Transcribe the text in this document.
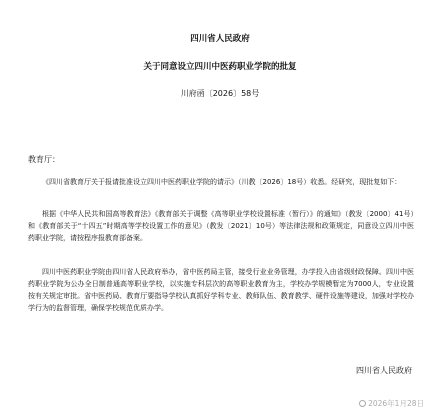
四川省人民政府
关于同意设立四川中医药职业学院的批复
川府函〔2026〕58号
教育厅：

《四川省教育厅关于报请批准设立四川中医药职业学院的请示》（川教〔2026〕18号）收悉。经研究，现批复如下：

根据《中华人民共和国高等教育法》《教育部关于调整《高等职业学校设置标准（暂行）》的通知》（教发〔2000〕41号）和《教育部关于“十四五”时期高等学校设置工作的意见》（教发〔2021〕10号）等法律法规和政策规定，同意设立四川中医药职业学院，请按程序报教育部备案。

四川中医药职业学院由四川省人民政府举办，省中医药局主管，接受行业业务管理，办学投入由省级财政保障。四川中医药职业学院为公办全日制普通高等职业学校，以实施专科层次的高等职业教育为主，学校办学规模暂定为7000人，专业设置按有关规定审批。省中医药局、教育厅要指导学校认真抓好学科专业、教师队伍、教育教学、硬件设施等建设，加强对学校办学行为的监督管理，确保学校规范优质办学。

四川省人民政府
2026年1月28日
